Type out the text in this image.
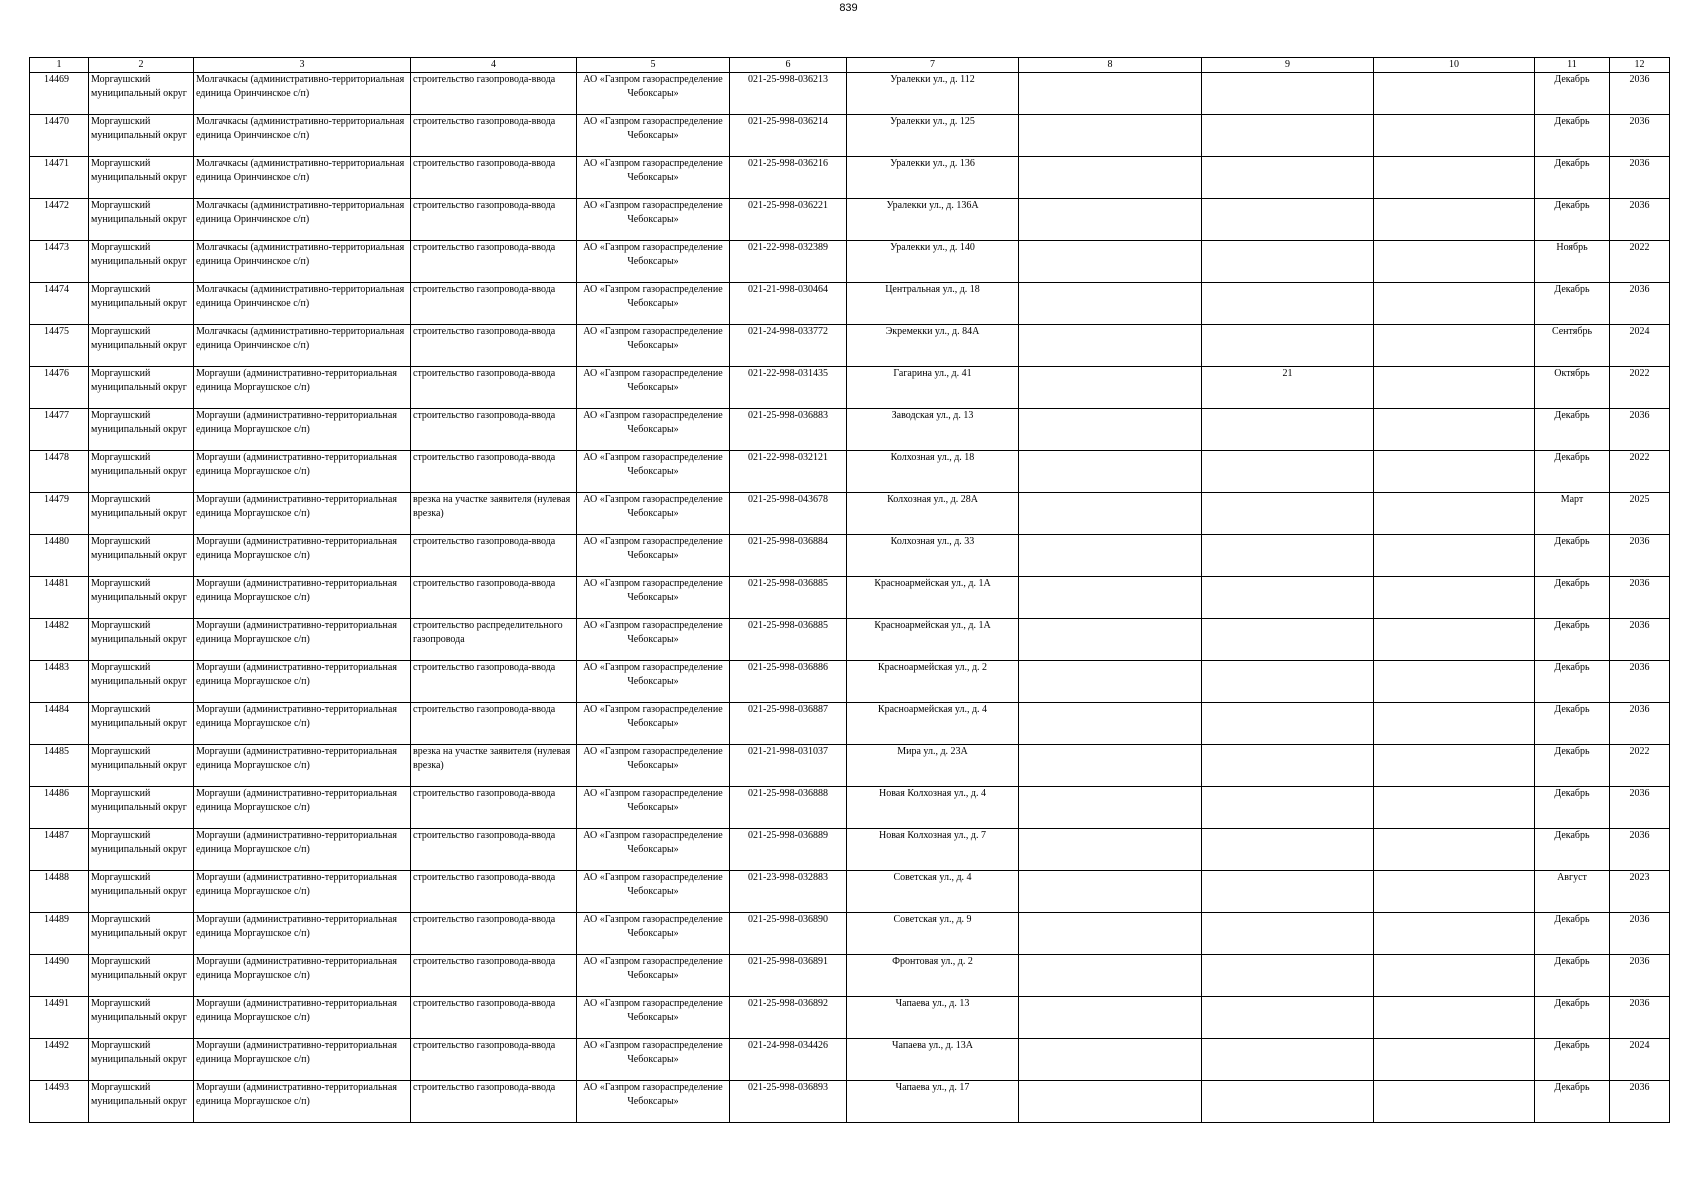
839
1	2	3	4	5	6	7	8	9	10	11	12

14469	Моргаушский муниципальный округ	Молгачкасы (административно-территориальная единица Оринчинское с/п)	строительство газопровода-ввода	АО «Газпром газораспределение Чебоксары»	021-25-998-036213	Уралекки ул., д. 112				Декабрь	2036

14470	Моргаушский муниципальный округ	Молгачкасы (административно-территориальная единица Оринчинское с/п)	строительство газопровода-ввода	АО «Газпром газораспределение Чебоксары»	021-25-998-036214	Уралекки ул., д. 125				Декабрь	2036

14471	Моргаушский муниципальный округ	Молгачкасы (административно-территориальная единица Оринчинское с/п)	строительство газопровода-ввода	АО «Газпром газораспределение Чебоксары»	021-25-998-036216	Уралекки ул., д. 136				Декабрь	2036

14472	Моргаушский муниципальный округ	Молгачкасы (административно-территориальная единица Оринчинское с/п)	строительство газопровода-ввода	АО «Газпром газораспределение Чебоксары»	021-25-998-036221	Уралекки ул., д. 136А				Декабрь	2036

14473	Моргаушский муниципальный округ	Молгачкасы (административно-территориальная единица Оринчинское с/п)	строительство газопровода-ввода	АО «Газпром газораспределение Чебоксары»	021-22-998-032389	Уралекки ул., д. 140				Ноябрь	2022

14474	Моргаушский муниципальный округ	Молгачкасы (административно-территориальная единица Оринчинское с/п)	строительство газопровода-ввода	АО «Газпром газораспределение Чебоксары»	021-21-998-030464	Центральная ул., д. 18				Декабрь	2036

14475	Моргаушский муниципальный округ	Молгачкасы (административно-территориальная единица Оринчинское с/п)	строительство газопровода-ввода	АО «Газпром газораспределение Чебоксары»	021-24-998-033772	Экремекки ул., д. 84А				Сентябрь	2024

14476	Моргаушский муниципальный округ	Моргауши (административно-территориальная единица Моргаушское с/п)	строительство газопровода-ввода	АО «Газпром газораспределение Чебоксары»	021-22-998-031435	Гагарина ул., д. 41		21		Октябрь	2022

14477	Моргаушский муниципальный округ	Моргауши (административно-территориальная единица Моргаушское с/п)	строительство газопровода-ввода	АО «Газпром газораспределение Чебоксары»	021-25-998-036883	Заводская ул., д. 13				Декабрь	2036

14478	Моргаушский муниципальный округ	Моргауши (административно-территориальная единица Моргаушское с/п)	строительство газопровода-ввода	АО «Газпром газораспределение Чебоксары»	021-22-998-032121	Колхозная ул., д. 18				Декабрь	2022

14479	Моргаушский муниципальный округ	Моргауши (административно-территориальная единица Моргаушское с/п)	врезка на участке заявителя (нулевая врезка)	АО «Газпром газораспределение Чебоксары»	021-25-998-043678	Колхозная ул., д. 28А				Март	2025

14480	Моргаушский муниципальный округ	Моргауши (административно-территориальная единица Моргаушское с/п)	строительство газопровода-ввода	АО «Газпром газораспределение Чебоксары»	021-25-998-036884	Колхозная ул., д. 33				Декабрь	2036

14481	Моргаушский муниципальный округ	Моргауши (административно-территориальная единица Моргаушское с/п)	строительство газопровода-ввода	АО «Газпром газораспределение Чебоксары»	021-25-998-036885	Красноармейская ул., д. 1А				Декабрь	2036

14482	Моргаушский муниципальный округ	Моргауши (административно-территориальная единица Моргаушское с/п)	строительство распределительного газопровода	АО «Газпром газораспределение Чебоксары»	021-25-998-036885	Красноармейская ул., д. 1А				Декабрь	2036

14483	Моргаушский муниципальный округ	Моргауши (административно-территориальная единица Моргаушское с/п)	строительство газопровода-ввода	АО «Газпром газораспределение Чебоксары»	021-25-998-036886	Красноармейская ул., д. 2				Декабрь	2036

14484	Моргаушский муниципальный округ	Моргауши (административно-территориальная единица Моргаушское с/п)	строительство газопровода-ввода	АО «Газпром газораспределение Чебоксары»	021-25-998-036887	Красноармейская ул., д. 4				Декабрь	2036

14485	Моргаушский муниципальный округ	Моргауши (административно-территориальная единица Моргаушское с/п)	врезка на участке заявителя (нулевая врезка)	АО «Газпром газораспределение Чебоксары»	021-21-998-031037	Мира ул., д. 23А				Декабрь	2022

14486	Моргаушский муниципальный округ	Моргауши (административно-территориальная единица Моргаушское с/п)	строительство газопровода-ввода	АО «Газпром газораспределение Чебоксары»	021-25-998-036888	Новая Колхозная ул., д. 4				Декабрь	2036

14487	Моргаушский муниципальный округ	Моргауши (административно-территориальная единица Моргаушское с/п)	строительство газопровода-ввода	АО «Газпром газораспределение Чебоксары»	021-25-998-036889	Новая Колхозная ул., д. 7				Декабрь	2036

14488	Моргаушский муниципальный округ	Моргауши (административно-территориальная единица Моргаушское с/п)	строительство газопровода-ввода	АО «Газпром газораспределение Чебоксары»	021-23-998-032883	Советская ул., д. 4				Август	2023

14489	Моргаушский муниципальный округ	Моргауши (административно-территориальная единица Моргаушское с/п)	строительство газопровода-ввода	АО «Газпром газораспределение Чебоксары»	021-25-998-036890	Советская ул., д. 9				Декабрь	2036

14490	Моргаушский муниципальный округ	Моргауши (административно-территориальная единица Моргаушское с/п)	строительство газопровода-ввода	АО «Газпром газораспределение Чебоксары»	021-25-998-036891	Фронтовая ул., д. 2				Декабрь	2036

14491	Моргаушский муниципальный округ	Моргауши (административно-территориальная единица Моргаушское с/п)	строительство газопровода-ввода	АО «Газпром газораспределение Чебоксары»	021-25-998-036892	Чапаева ул., д. 13				Декабрь	2036

14492	Моргаушский муниципальный округ	Моргауши (административно-территориальная единица Моргаушское с/п)	строительство газопровода-ввода	АО «Газпром газораспределение Чебоксары»	021-24-998-034426	Чапаева ул., д. 13А				Декабрь	2024

14493	Моргаушский муниципальный округ	Моргауши (административно-территориальная единица Моргаушское с/п)	строительство газопровода-ввода	АО «Газпром газораспределение Чебоксары»	021-25-998-036893	Чапаева ул., д. 17				Декабрь	2036
